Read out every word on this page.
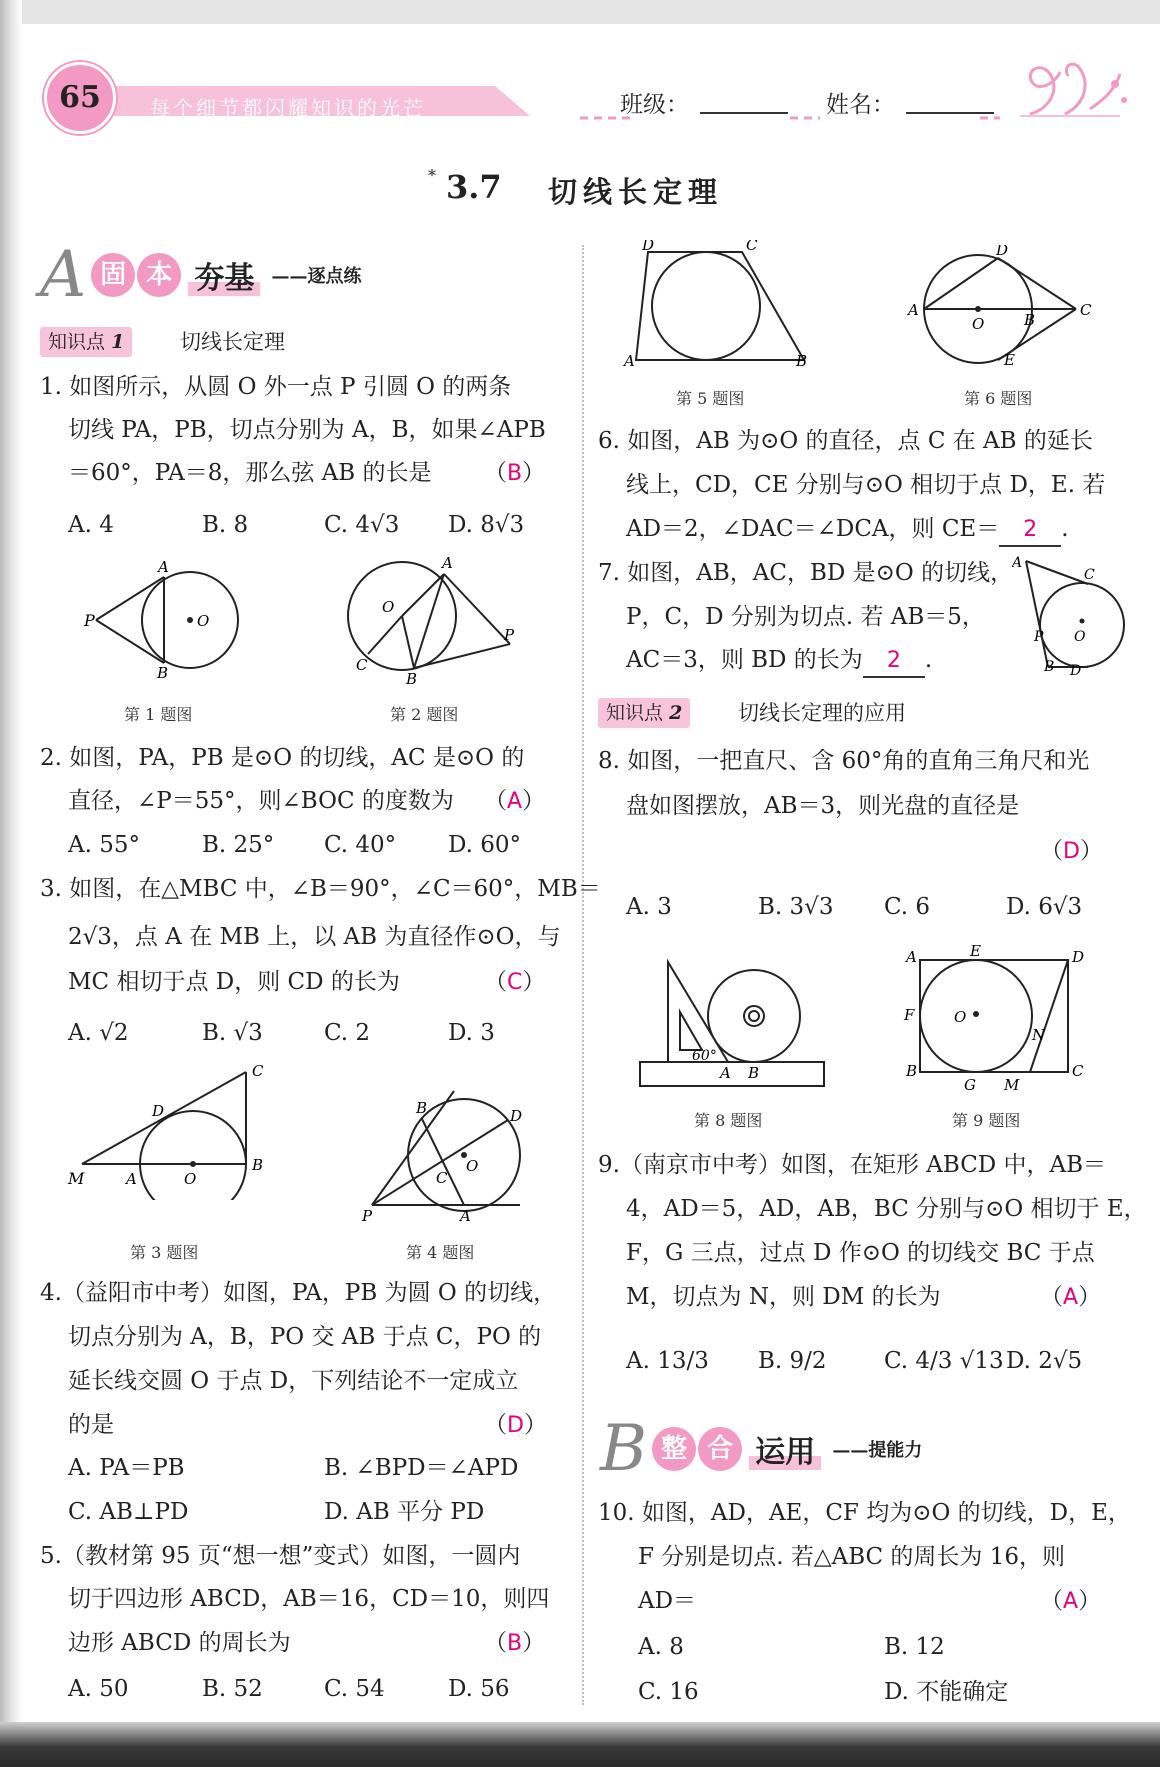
65	每个细节都闪耀知识的光芒	班级：	姓名：
* 3.7 切线长定理
A 固 本 夯基 ——逐点练
知识点 1	切线长定理
1. 如图所示，从圆 O 外一点 P 引圆 O 的两条
切线 PA，PB，切点分别为 A，B，如果∠APB
＝60°，PA＝8，那么弦 AB 的长是 （B）
A. 4	B. 8	C. 4√3 D. 8√3
P
A
B
O
第 1 题图
A
O
C
B
P
第 2 题图
2. 如图，PA，PB 是⊙O 的切线，AC 是⊙O 的
直径，∠P＝55°，则∠BOC 的度数为 （A）
A. 55°	B. 25° C. 40° D. 60°
3. 如图，在△MBC 中，∠B＝90°，∠C＝60°，MB＝
2√3，点 A 在 MB 上，以 AB 为直径作⊙O，与
MC 相切于点 D，则 CD 的长为	（C）
A. √2	B. √3	C. 2	D. 3
M	A	O
B
C
D
第 3 题图
P
B	D
C
O
A
第 4 题图
4.（益阳市中考）如图，PA，PB 为圆 O 的切线，
切点分别为 A，B，PO 交 AB 于点 C，PO 的
延长线交圆 O 于点 D，下列结论不一定成立
的是	（D）
A. PA＝PB	B. ∠BPD＝∠APD
C. AB⊥PD	D. AB 平分 PD
5.（教材第 95 页“想一想”变式）如图，一圆内
切于四边形 ABCD，AB＝16，CD＝10，则四
边形 ABCD 的周长为	（B）
A. 50	B. 52	C. 54	D. 56
D	C
A	B
第 5 题图
A
D
C
O	B
E
第 6 题图
6. 如图，AB 为⊙O 的直径，点 C 在 AB 的延长
线上，CD，CE 分别与⊙O 相切于点 D，E. 若
AD＝2，∠DAC＝∠DCA，则 CE＝ 2 .
7. 如图，AB，AC，BD 是⊙O 的切线，
P，C，D 分别为切点. 若 AB＝5，
AC＝3，则 BD 的长为 2 .
A
C
P O
B D
知识点 2	切线长定理的应用
8. 如图，一把直尺、含 60°角的直角三角尺和光
盘如图摆放，AB＝3，则光盘的直径是
（D）
A. 3	B. 3√3 C. 6	D. 6√3
60°
A B
第 8 题图
A	E	D
F	O
N
B
G M
C
第 9 题图
9.（南京市中考）如图，在矩形 ABCD 中，AB＝
4，AD＝5，AD，AB，BC 分别与⊙O 相切于 E，
F，G 三点，过点 D 作⊙O 的切线交 BC 于点
M，切点为 N，则 DM 的长为	（A）
A. 13/3 B. 9/2 C. 4/3 √13 D. 2√5
B 整 合 运用 ——提能力
10. 如图，AD，AE，CF 均为⊙O 的切线，D，E，
F 分别是切点. 若△ABC 的周长为 16，则
AD＝	（A）
A. 8	B. 12
C. 16	D. 不能确定
